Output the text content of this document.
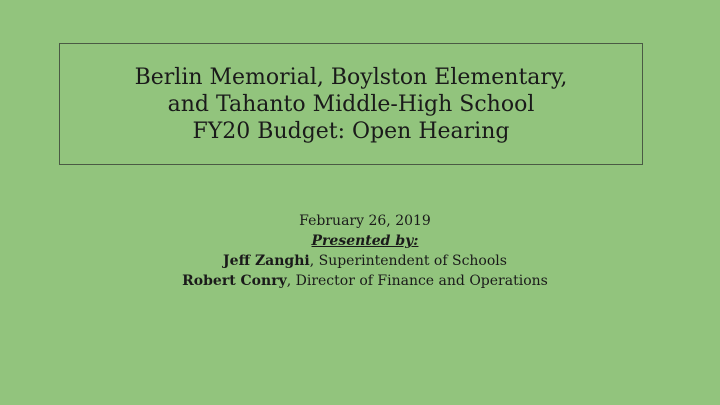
Berlin Memorial, Boylston Elementary,
and Tahanto Middle-High School
FY20 Budget: Open Hearing
February 26, 2019
Presented by:
Jeff Zanghi, Superintendent of Schools
Robert Conry, Director of Finance and Operations
